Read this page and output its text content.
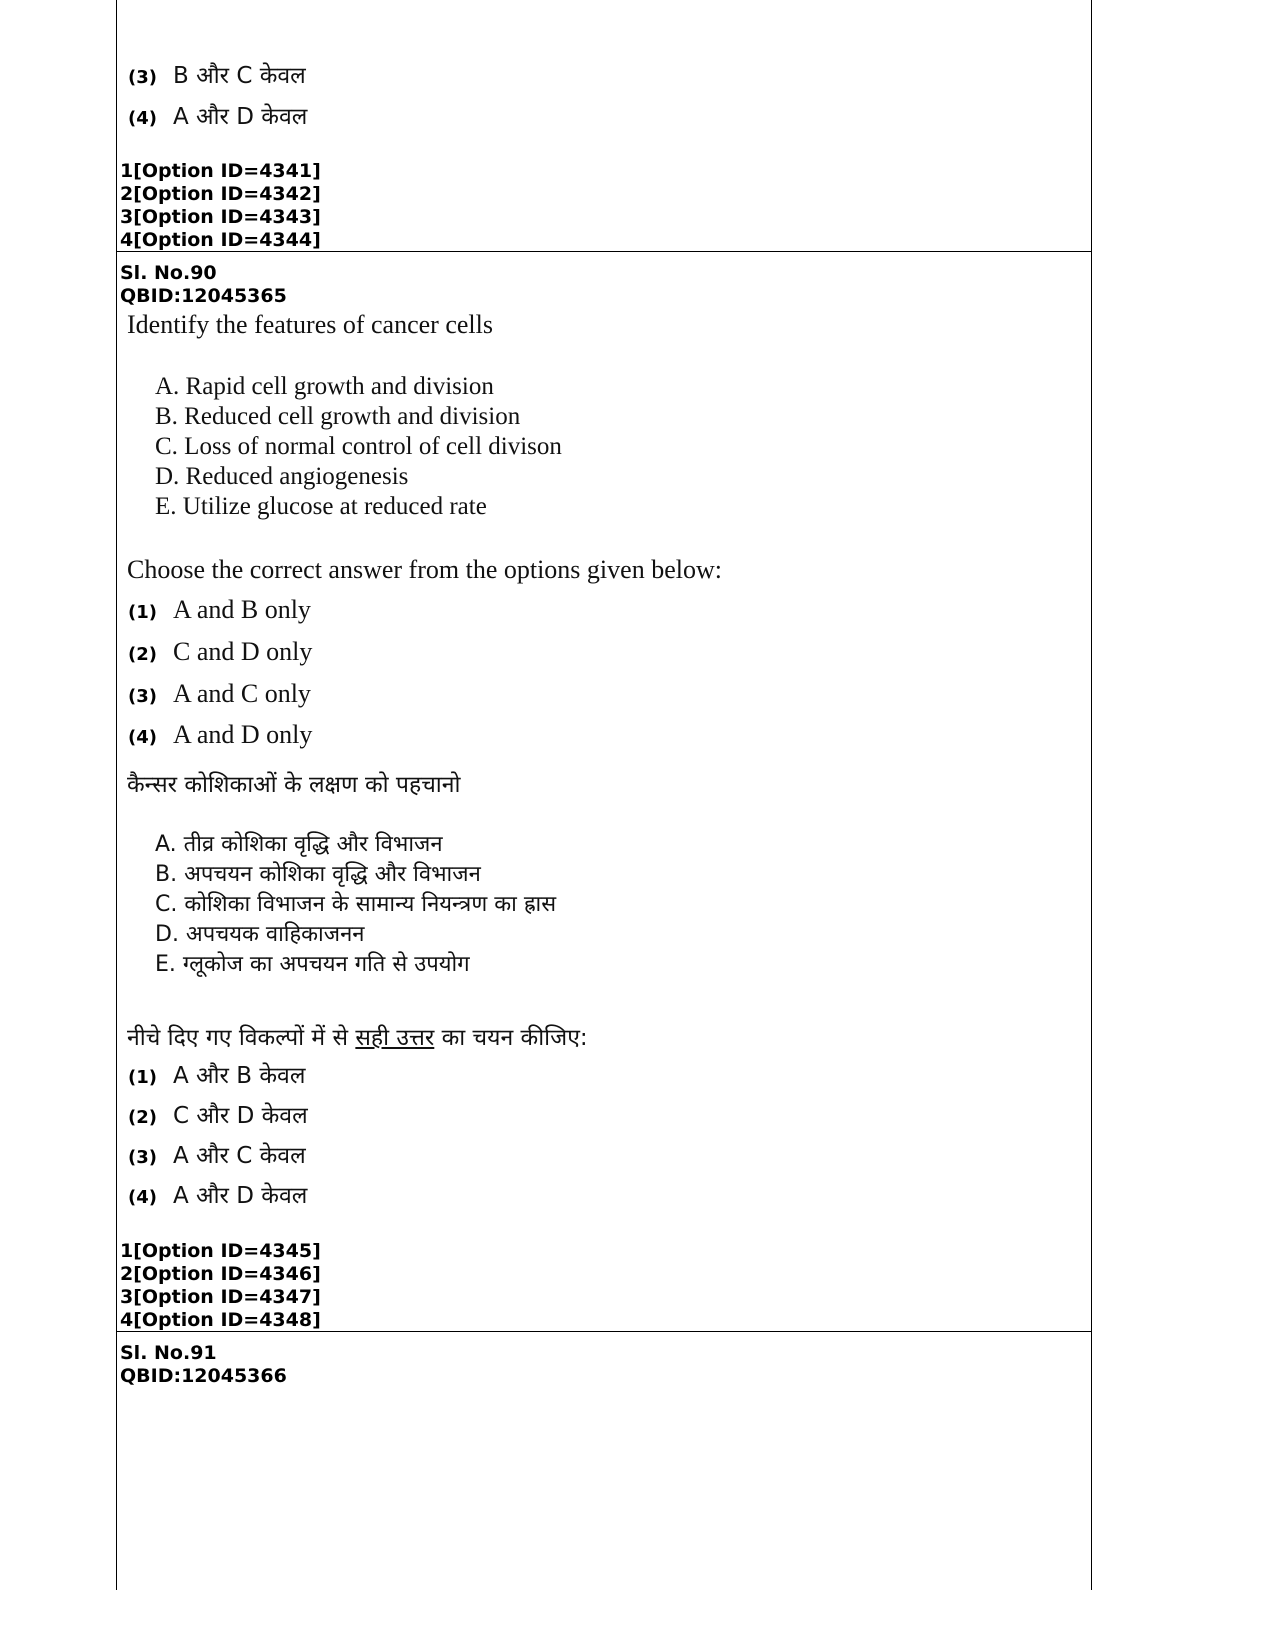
(3) B और C केवल
(4) A और D केवल
1[Option ID=4341]
2[Option ID=4342]
3[Option ID=4343]
4[Option ID=4344]
Sl. No.90
QBID:12045365
Identify the features of cancer cells
A. Rapid cell growth and division
B. Reduced cell growth and division
C. Loss of normal control of cell divison
D. Reduced angiogenesis
E. Utilize glucose at reduced rate
Choose the correct answer from the options given below:
(1) A and B only
(2) C and D only
(3) A and C only
(4) A and D only
कैन्सर कोशिकाओं के लक्षण को पहचानो
A. तीव्र कोशिका वृद्धि और विभाजन
B. अपचयन कोशिका वृद्धि और विभाजन
C. कोशिका विभाजन के सामान्य नियन्त्रण का ह्रास
D. अपचयक वाहिकाजनन
E. ग्लूकोज का अपचयन गति से उपयोग
नीचे दिए गए विकल्पों में से सही उत्तर का चयन कीजिए:
(1) A और B केवल
(2) C और D केवल
(3) A और C केवल
(4) A और D केवल
1[Option ID=4345]
2[Option ID=4346]
3[Option ID=4347]
4[Option ID=4348]
Sl. No.91
QBID:12045366
